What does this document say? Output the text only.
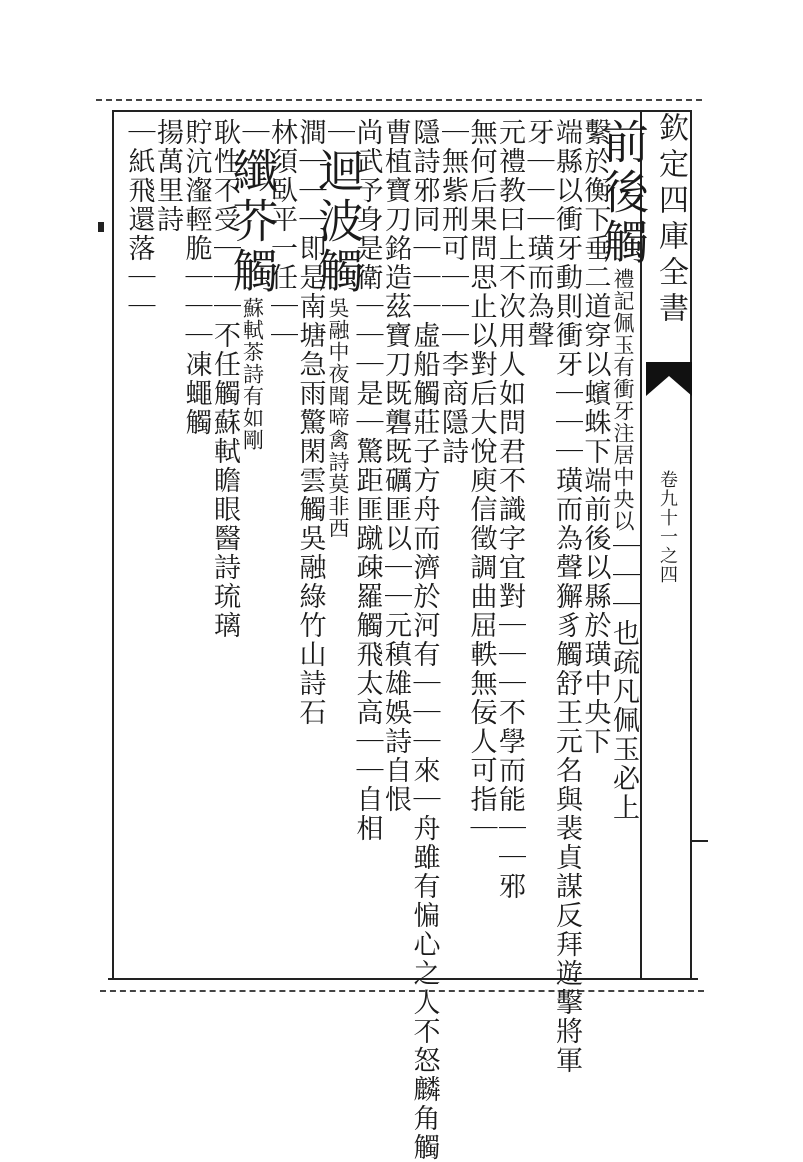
欽定四庫全書
卷九十一之四
前後觸禮記佩玉有衝牙注居中央以｜｜｜也疏凡佩玉必上
繫於衡下垂二道穿以蠙蛛下端前後以縣於璜中央下
端縣以衝牙動則衝牙｜｜｜璜而為聲獬豸觸舒王元名與裴貞謀反拜遊擊將軍
牙｜｜｜璜而為聲
元禮教曰上不次用人如問君不識字宜對｜｜｜不學而能｜｜邪
無何后果問思止以對后大悅庾信徵調曲屈軼無佞人可指｜
｜無紫刑可｜｜｜李商隱詩
隱詩邪同｜｜｜虛船觸莊子方舟而濟於河有｜｜｜來｜舟雖有惼心之人不怒麟角觸
曹植寶刀銘造茲寶刀既礱既礪匪以｜｜元稹雄娛詩自恨
尚武予身是衛｜｜｜是｜驚距匪蹴疎羅觸飛太高｜｜自相
｜迴波觸吳融中夜聞啼禽詩莫非西
澗｜｜｜即是南塘急雨驚閑雲觸吳融綠竹山詩石
林須臥平一任｜｜
｜纖芥觸蘇軾茶詩有如剛
耿性不受｜｜｜不任觸蘇軾瞻眼醫詩琉璃
貯沆瀣輕脆｜｜｜凍蠅觸
揚萬里詩
｜紙飛還落｜｜
